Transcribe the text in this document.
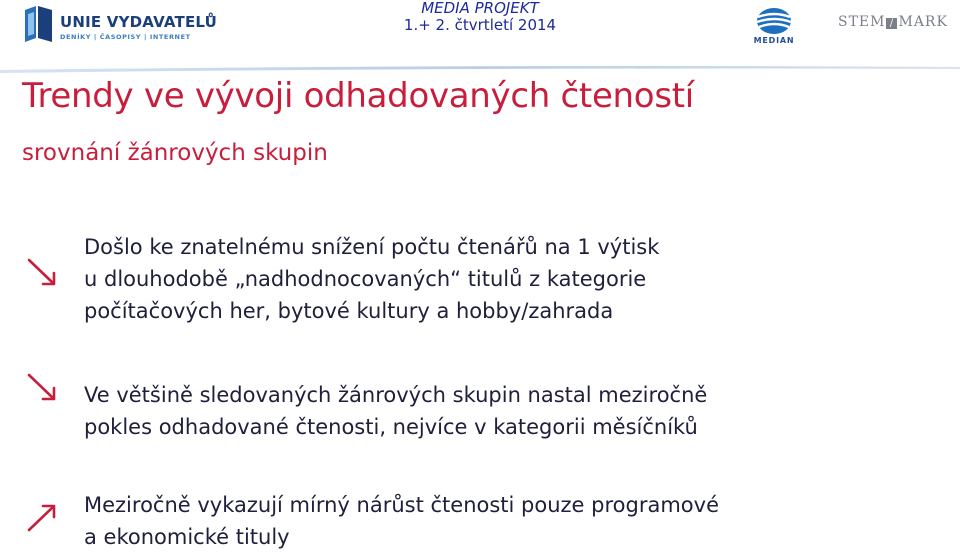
UNIE VYDAVATELŮ
DENÍKY | ČASOPISY | INTERNET
MEDIA PROJEKT
1.+ 2. čtvrtletí 2014
MEDIAN
STEM / MARK
Trendy ve vývoji odhadovaných čteností
srovnání žánrových skupin
Došlo ke znatelnému snížení počtu čtenářů na 1 výtisk
u dlouhodobě „nadhodnocovaných“ titulů z kategorie
počítačových her, bytové kultury a hobby/zahrada
Ve většině sledovaných žánrových skupin nastal meziročně
pokles odhadované čtenosti, nejvíce v kategorii měsíčníků
Meziročně vykazují mírný nárůst čtenosti pouze programové
a ekonomické tituly
